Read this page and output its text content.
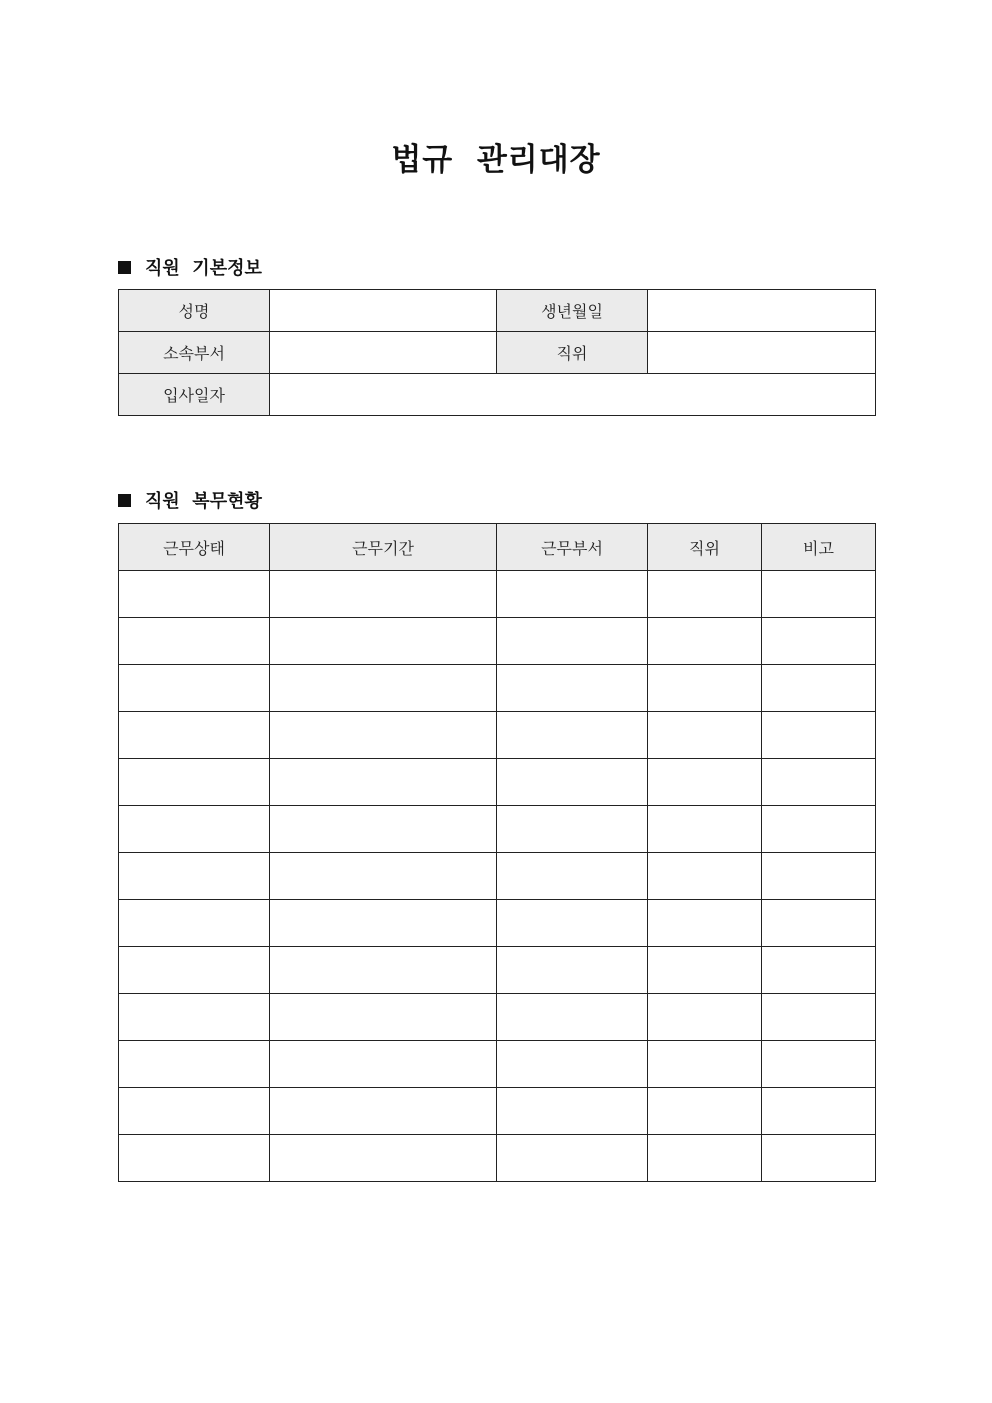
법규  관리대장
직원  기본정보
성명		생년월일	
소속부서		직위	
입사일자			
직원  복무현황
근무상태	근무기간	근무부서	직위	비고
